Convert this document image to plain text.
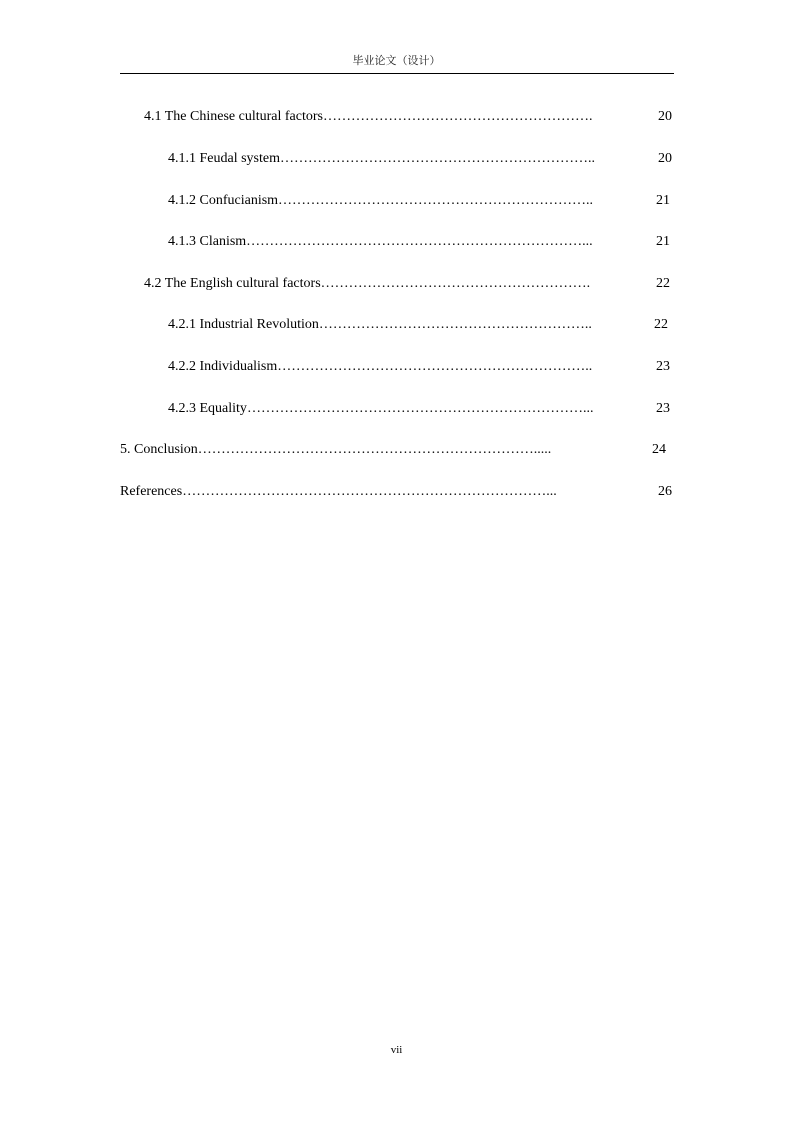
毕业论文（设计）
4.1 The Chinese cultural factors………………………………………………….	20
4.1.1 Feudal system…………………………………………………………..	20
4.1.2 Confucianism…………………………………………………………..	21
4.1.3 Clanism………………………………………………………………...	21
4.2 The English cultural factors………………………………………………….	22
4.2.1 Industrial Revolution…………………………………………………..	22
4.2.2 Individualism…………………………………………………………..	23
4.2.3 Equality………………………………………………………………...	23
5. Conclusion……………………………………………………………….....	24
References……………………………………………………………………...	26
vii
